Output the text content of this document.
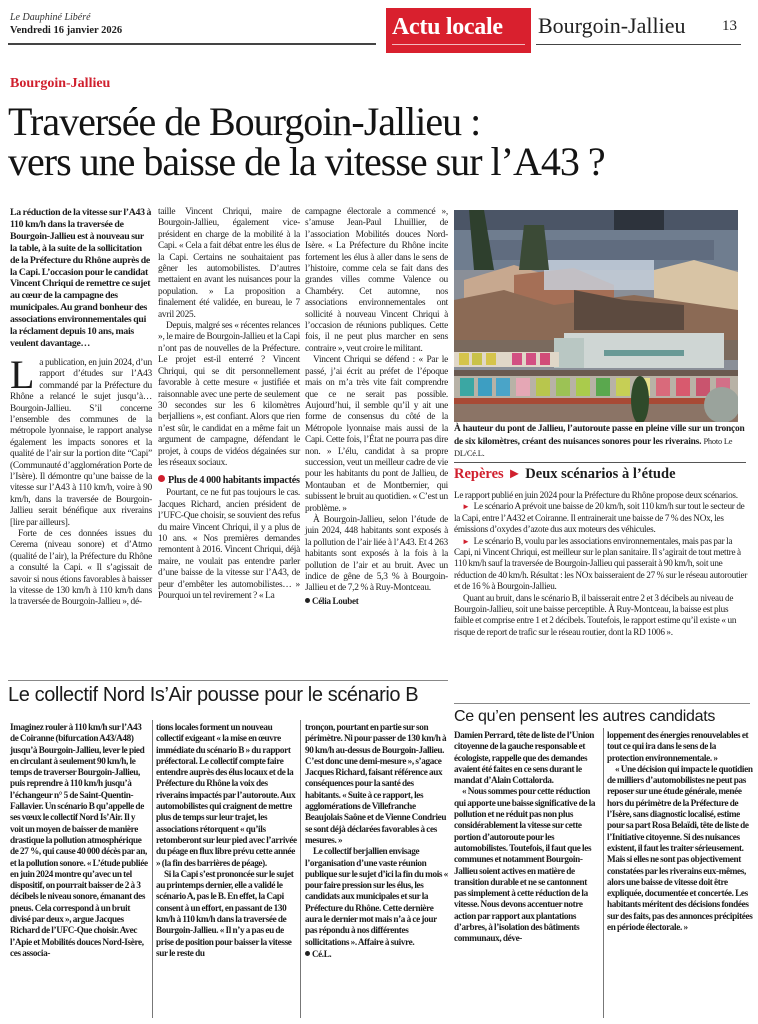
Le Dauphiné Libéré
Vendredi 16 janvier 2026	Actu locale	Bourgoin-Jallieu 13
Bourgoin-Jallieu
Traversée de Bourgoin-Jallieu :
vers une baisse de la vitesse sur l’A43 ?

La réduction de la vitesse sur l’A43 à 110 km/h dans la traversée de Bourgoin-Jallieu est à nouveau sur la table, à la suite de la sollicitation de la Préfecture du Rhône auprès de la Capi. L’occasion pour le candidat Vincent Chriqui de remettre ce sujet au cœur de la campagne des municipales. Au grand bonheur des associations environnementales qui la réclament depuis 10 ans, mais veulent davantage…

La publication, en juin 2024, d’un rapport d’études sur l’A43 commandé par la Préfecture du Rhône a relancé le sujet jusqu’à… Bourgoin-Jallieu. S’il concerne l’ensemble des communes de la métropole lyonnaise, le rapport analyse également les impacts sonores et la qualité de l’air sur la portion dite “Capi” (Communauté d’agglomération Porte de l’Isère). Il démontre qu’une baisse de la vitesse sur l’A43 à 110 km/h, voire à 90 km/h, dans la traversée de Bourgoin-Jallieu serait bénéfique aux riverains [lire par ailleurs].

Forte de ces données issues du Cerema (niveau sonore) et d’Atmo (qualité de l’air), la Préfecture du Rhône a consulté la Capi. « Il s’agissait de savoir si nous étions favorables à baisser la vitesse de 130 km/h à 110 km/h dans la traversée de Bourgoin-Jallieu », dé-

taille Vincent Chriqui, maire de Bourgoin-Jallieu, également vice-président en charge de la mobilité à la Capi. « Cela a fait débat entre les élus de la Capi. Certains ne souhaitaient pas gêner les automobilistes. D’autres mettaient en avant les nuisances pour la population. » La proposition a finalement été validée, en bureau, le 7 avril 2025.

Depuis, malgré ses « récentes relances », le maire de Bourgoin-Jallieu et la Capi n’ont pas de nouvelles de la Préfecture. Le projet est-il enterré ? Vincent Chriqui, qui se dit personnellement favorable à cette mesure « justifiée et raisonnable avec une perte de seulement 30 secondes sur les 6 kilomètres berjalliens », est confiant. Alors que rien n’est sûr, le candidat en a même fait un argument de campagne, défendant le projet, à coups de vidéos dégainées sur les réseaux sociaux.

Plus de 4 000 habitants impactés

Pourtant, ce ne fut pas toujours le cas. Jacques Richard, ancien président de l’UFC-Que choisir, se souvient des refus du maire Vincent Chriqui, il y a plus de 10 ans. « Nos premières demandes remontent à 2016. Vincent Chriqui, déjà maire, ne voulait pas entendre parler d’une baisse de la vitesse sur l’A43, de peur d’embêter les automobilistes… » Pourquoi un tel revirement ? « La

campagne électorale a commencé », s’amuse Jean-Paul Lhuillier, de l’association Mobilités douces Nord-Isère. « La Préfecture du Rhône incite fortement les élus à aller dans le sens de l’histoire, comme cela se fait dans des grandes villes comme Valence ou Chambéry. Cet automne, nos associations environnementales ont sollicité à nouveau Vincent Chriqui à l’occasion de réunions publiques. Cette fois, il ne peut plus marcher en sens contraire », veut croire le militant.

Vincent Chriqui se défend : « Par le passé, j’ai écrit au préfet de l’époque mais on m’a très vite fait comprendre que ce ne serait pas possible. Aujourd’hui, il semble qu’il y ait une forme de consensus du côté de la Métropole lyonnaise mais aussi de la Capi. Cette fois, l’État ne pourra pas dire non. » L’élu, candidat à sa propre succession, veut un meilleur cadre de vie pour les habitants du pont de Jallieu, de Montauban et de Montbernier, qui subissent le bruit au quotidien. « C’est un problème. »

À Bourgoin-Jallieu, selon l’étude de juin 2024, 448 habitants sont exposés à la pollution de l’air liée à l’A43. Et 4 263 habitants sont exposés à la fois à la pollution de l’air et au bruit. Avec un indice de gêne de 5,3 % à Bourgoin-Jallieu et de 7,2 % à Ruy-Montceau.

Célia Loubet

À hauteur du pont de Jallieu, l’autoroute passe en pleine ville sur un tronçon de six kilomètres, créant des nuisances sonores pour les riverains. Photo Le DL/Cé.L.
Repères ► Deux scénarios à l’étude

Le rapport publié en juin 2024 pour la Préfecture du Rhône propose deux scénarios.

► Le scénario A prévoit une baisse de 20 km/h, soit 110 km/h sur tout le secteur de la Capi, entre l’A432 et Coiranne. Il entrainerait une baisse de 7 % des NOx, les émissions d’oxydes d’azote dus aux moteurs des véhicules.

► Le scénario B, voulu par les associations environnementales, mais pas par la Capi, ni Vincent Chriqui, est meilleur sur le plan sanitaire. Il s’agirait de tout mettre à 110 km/h sauf la traversée de Bourgoin-Jallieu qui passerait à 90 km/h, soit une réduction de 40 km/h. Résultat : les NOx baisseraient de 27 % sur le réseau autoroutier et de 16 % à Bourgoin-Jallieu.

Quant au bruit, dans le scénario B, il baisserait entre 2 et 3 décibels au niveau de Bourgoin-Jallieu, soit une baisse perceptible. À Ruy-Montceau, la baisse est plus faible et comprise entre 1 et 2 décibels. Toutefois, le rapport estime qu’il existe « un risque de report de trafic sur le réseau routier, dont la RD 1006 ».

Le collectif Nord Is’Air pousse pour le scénario B

Imaginez rouler à 110 km/h sur l’A43 de Coiranne (bifurcation A43/A48) jusqu’à Bourgoin-Jallieu, lever le pied en circulant à seulement 90 km/h, le temps de traverser Bourgoin-Jallieu, puis reprendre à 110 km/h jusqu’à l’échangeur n° 5 de Saint-Quentin-Fallavier. Un scénario B qu’appelle de ses vœux le collectif Nord Is’Air. Il y voit un moyen de baisser de manière drastique la pollution atmosphérique de 27 %, qui cause 40 000 décès par an, et la pollution sonore. « L’étude publiée en juin 2024 montre qu’avec un tel dispositif, on pourrait baisser de 2 à 3 décibels le niveau sonore, émanant des pneus. Cela correspond à un bruit divisé par deux », argue Jacques Richard de l’UFC-Que choisir. Avec l’Apie et Mobilités douces Nord-Isère, ces associa-

tions locales forment un nouveau collectif exigeant « la mise en œuvre immédiate du scénario B » du rapport préfectoral. Le collectif compte faire entendre auprès des élus locaux et de la Préfecture du Rhône la voix des riverains impactés par l’autoroute. Aux automobilistes qui craignent de mettre plus de temps sur leur trajet, les associations rétorquent « qu’ils retomberont sur leur pied avec l’arrivée du péage en flux libre prévu cette année » (la fin des barrières de péage).

Si la Capi s’est prononcée sur le sujet au printemps dernier, elle a validé le scénario A, pas le B. En effet, la Capi consent à un effort, en passant de 130 km/h à 110 km/h dans la traversée de Bourgoin-Jallieu. « Il n’y a pas eu de prise de position pour baisser la vitesse sur le reste du

tronçon, pourtant en partie sur son périmètre. Ni pour passer de 130 km/h à 90 km/h au-dessus de Bourgoin-Jallieu. C’est donc une demi-mesure », s’agace Jacques Richard, faisant référence aux conséquences pour la santé des habitants. « Suite à ce rapport, les agglomérations de Villefranche Beaujolais Saône et de Vienne Condrieu se sont déjà déclarées favorables à ces mesures. »

Le collectif berjallien envisage l’organisation d’une vaste réunion publique sur le sujet d’ici la fin du mois « pour faire pression sur les élus, les candidats aux municipales et sur la Préfecture du Rhône. Cette dernière aura le dernier mot mais n’a à ce jour pas répondu à nos différentes sollicitations ». Affaire à suivre.

Cé.L.

Ce qu’en pensent les autres candidats

Damien Perrard, tête de liste de l’Union citoyenne de la gauche responsable et écologiste, rappelle que des demandes avaient été faites en ce sens durant le mandat d’Alain Cottalorda.

« Nous sommes pour cette réduction qui apporte une baisse significative de la pollution et ne réduit pas non plus considérablement la vitesse sur cette portion d’autoroute pour les automobilistes. Toutefois, il faut que les communes et notamment Bourgoin-Jallieu soient actives en matière de transition durable et ne se cantonnent pas simplement à cette réduction de la vitesse. Nous devons accentuer notre action par rapport aux plantations d’arbres, à l’isolation des bâtiments communaux, déve-

loppement des énergies renouvelables et tout ce qui ira dans le sens de la protection environnementale. »

« Une décision qui impacte le quotidien de milliers d’automobilistes ne peut pas reposer sur une étude générale, menée hors du périmètre de la Préfecture de l’Isère, sans diagnostic localisé, estime pour sa part Rosa Belaïdi, tête de liste de l’Initiative citoyenne. Si des nuisances existent, il faut les traiter sérieusement. Mais si elles ne sont pas objectivement constatées par les riverains eux-mêmes, alors une baisse de vitesse doit être expliquée, documentée et concertée. Les habitants méritent des décisions fondées sur des faits, pas des annonces précipitées en période électorale. »
